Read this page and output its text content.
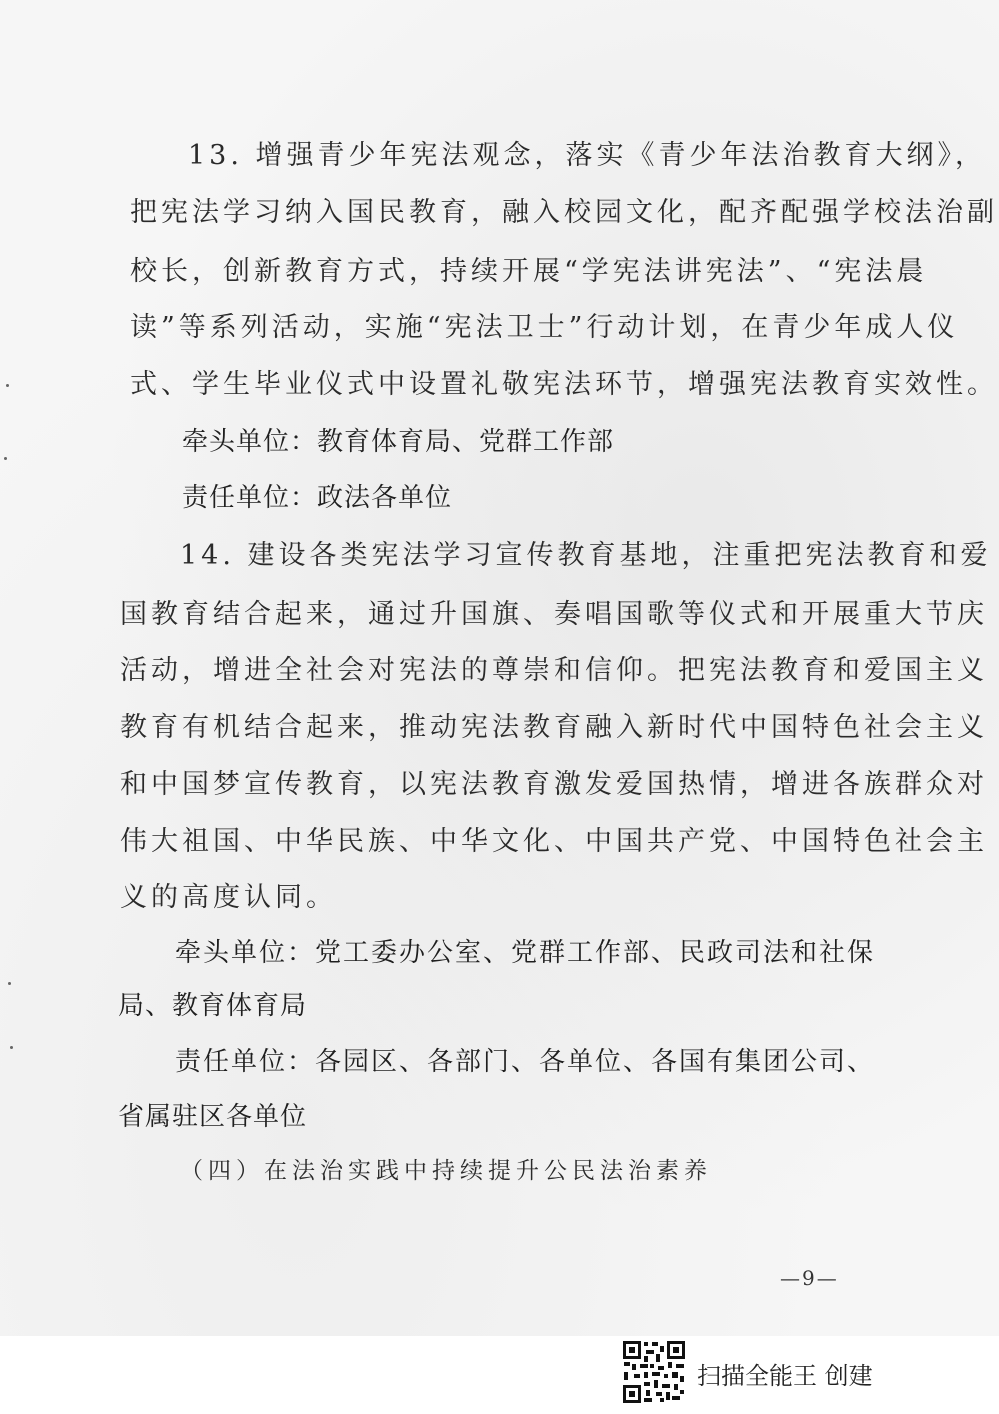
13. 增强青少年宪法观念，落实《青少年法治教育大纲》，
把宪法学习纳入国民教育，融入校园文化，配齐配强学校法治副
校长，创新教育方式，持续开展“学宪法讲宪法”、“宪法晨
读”等系列活动，实施“宪法卫士”行动计划，在青少年成人仪
式、学生毕业仪式中设置礼敬宪法环节，增强宪法教育实效性。
牵头单位：教育体育局、党群工作部
责任单位：政法各单位
14. 建设各类宪法学习宣传教育基地，注重把宪法教育和爱
国教育结合起来，通过升国旗、奏唱国歌等仪式和开展重大节庆
活动，增进全社会对宪法的尊崇和信仰。把宪法教育和爱国主义
教育有机结合起来，推动宪法教育融入新时代中国特色社会主义
和中国梦宣传教育，以宪法教育激发爱国热情，增进各族群众对
伟大祖国、中华民族、中华文化、中国共产党、中国特色社会主
义的高度认同。
牵头单位：党工委办公室、党群工作部、民政司法和社保
局、教育体育局
责任单位：各园区、各部门、各单位、各国有集团公司、
省属驻区各单位
（四）在法治实践中持续提升公民法治素养
—9—
扫描全能王 创建
